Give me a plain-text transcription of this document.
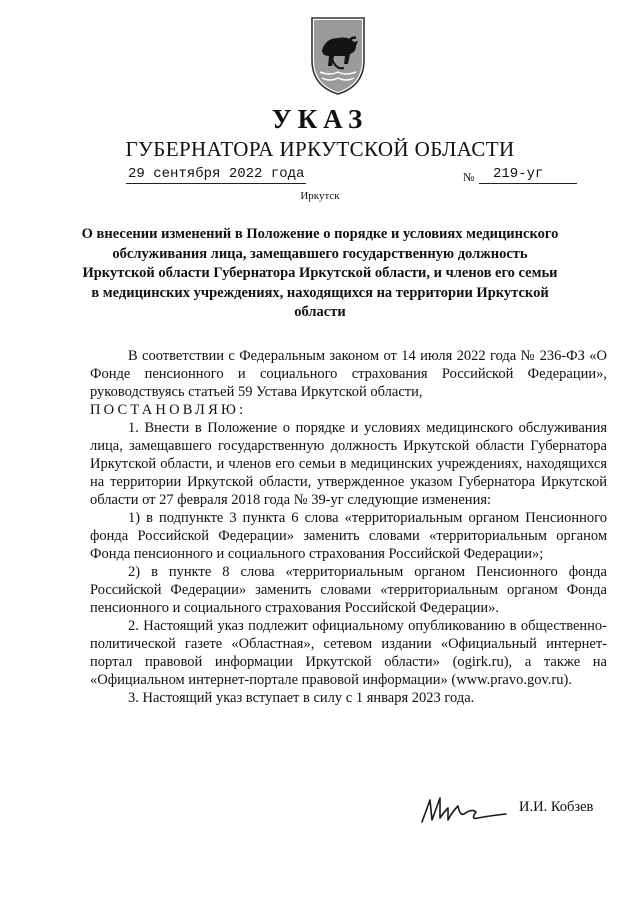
УКАЗ
ГУБЕРНАТОРА ИРКУТСКОЙ ОБЛАСТИ
29 сентября 2022 года	№	219-уг
Иркутск
О внесении изменений в Положение о порядке и условиях медицинского обслуживания лица, замещавшего государственную должность Иркутской области Губернатора Иркутской области, и членов его семьи в медицинских учреждениях, находящихся на территории Иркутской области

В соответствии с Федеральным законом от 14 июля 2022 года № 236-ФЗ «О Фонде пенсионного и социального страхования Российской Федерации», руководствуясь статьей 59 Устава Иркутской области,

ПОСТАНОВЛЯЮ:

1. Внести в Положение о порядке и условиях медицинского обслуживания лица, замещавшего государственную должность Иркутской области Губернатора Иркутской области, и членов его семьи в медицинских учреждениях, находящихся на территории Иркутской области, утвержденное указом Губернатора Иркутской области от 27 февраля 2018 года № 39-уг следующие изменения:

1) в подпункте 3 пункта 6 слова «территориальным органом Пенсионного фонда Российской Федерации» заменить словами «территориальным органом Фонда пенсионного и социального страхования Российской Федерации»;

2) в пункте 8 слова «территориальным органом Пенсионного фонда Российской Федерации» заменить словами «территориальным органом Фонда пенсионного и социального страхования Российской Федерации».

2. Настоящий указ подлежит официальному опубликованию в общественно-политической газете «Областная», сетевом издании «Официальный интернет-портал правовой информации Иркутской области» (ogirk.ru), а также на «Официальном интернет-портале правовой информации» (www.pravo.gov.ru).

3. Настоящий указ вступает в силу с 1 января 2023 года.

И.И. Кобзев
